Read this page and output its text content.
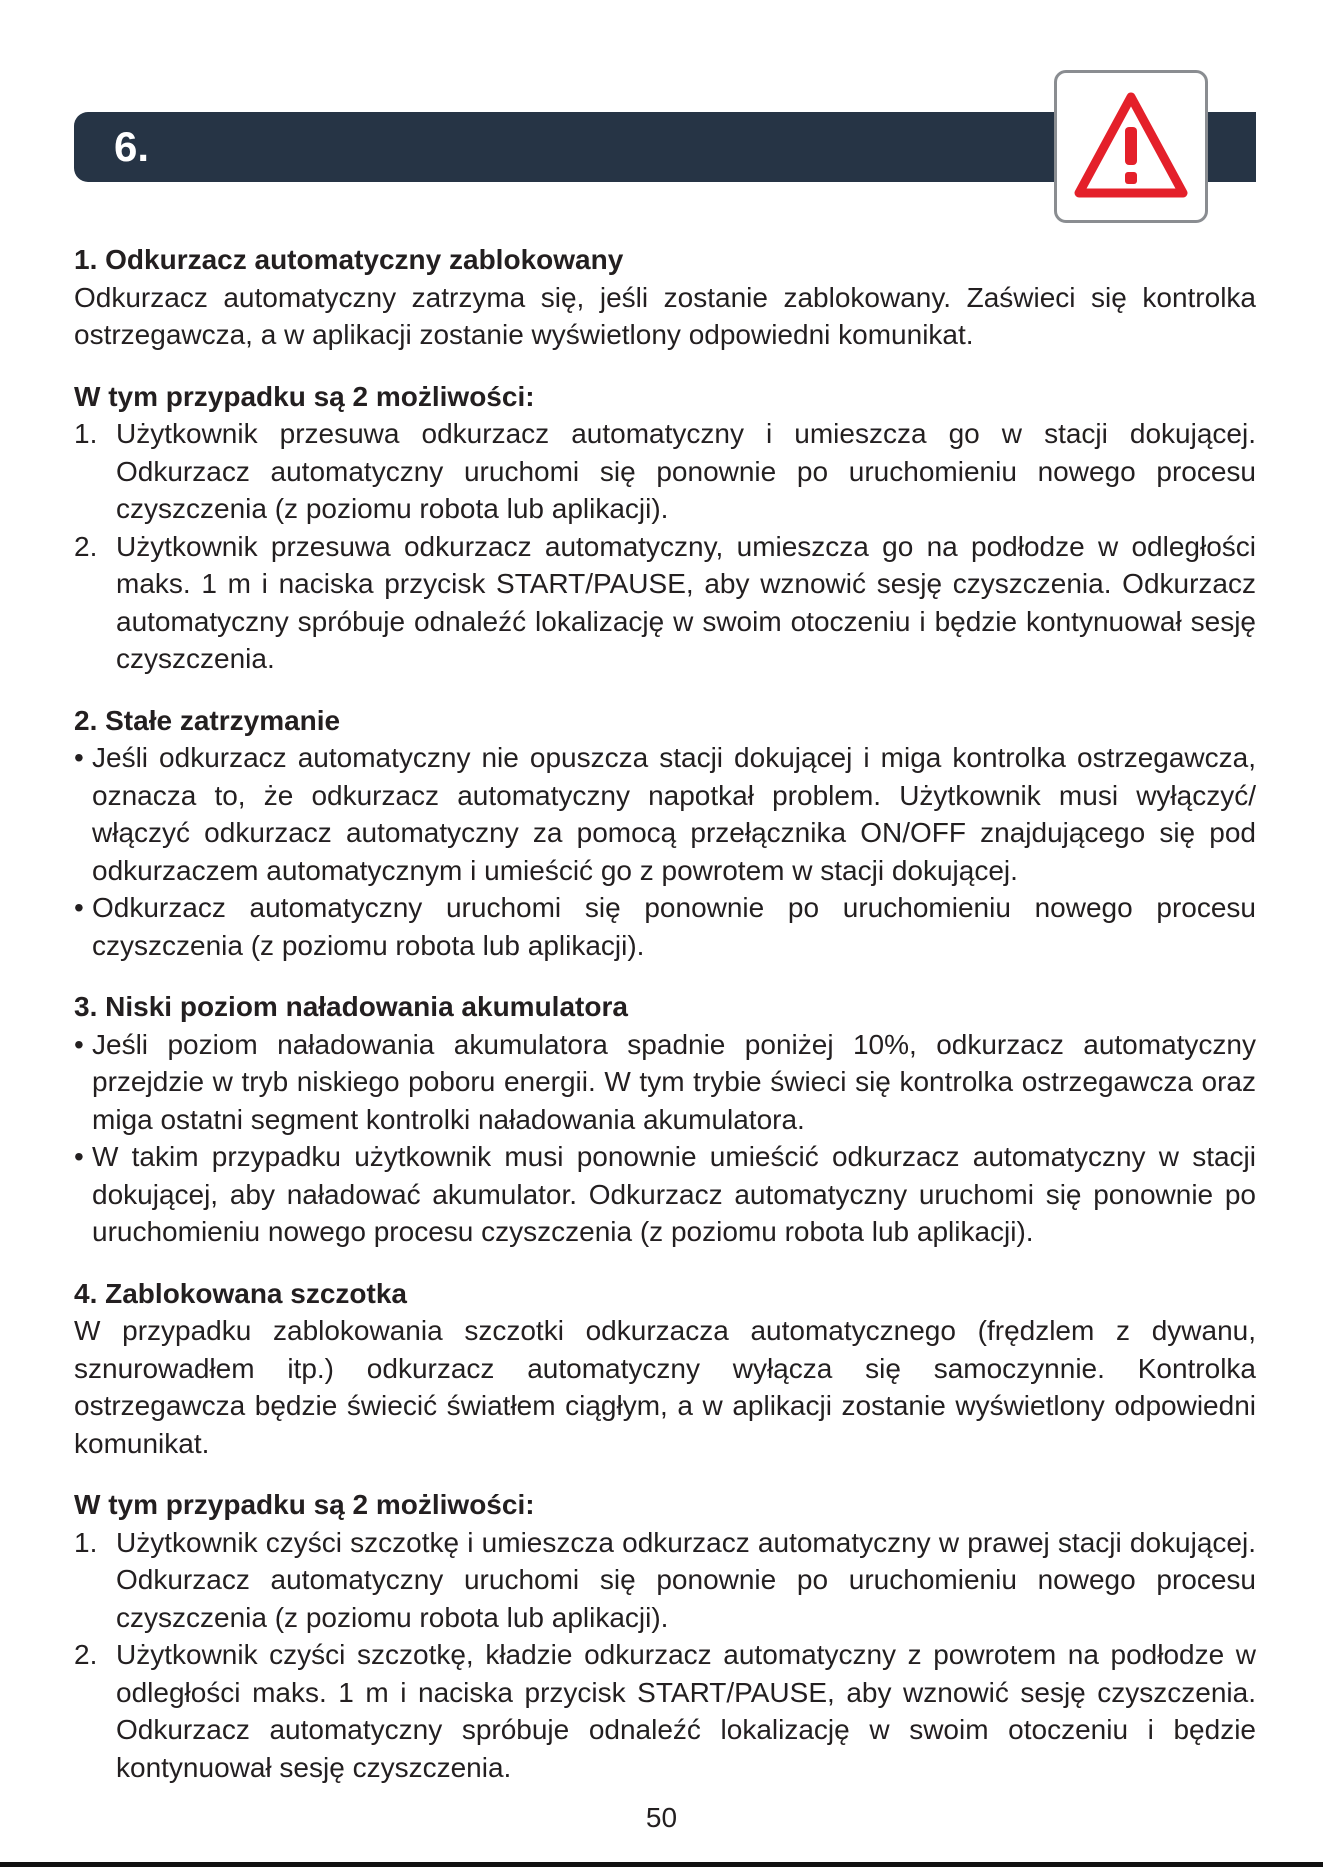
6.
1. Odkurzacz automatyczny zablokowany
Odkurzacz automatyczny zatrzyma się, jeśli zostanie zablokowany. Zaświeci się kontrolka ostrzegawcza, a w aplikacji zostanie wyświetlony odpowiedni komunikat.
W tym przypadku są 2 możliwości:
1. Użytkownik przesuwa odkurzacz automatyczny i umieszcza go w stacji dokującej. Odkurzacz automatyczny uruchomi się ponownie po uruchomieniu nowego procesu czyszczenia (z poziomu robota lub aplikacji).
2. Użytkownik przesuwa odkurzacz automatyczny, umieszcza go na podłodze w odległości maks. 1 m i naciska przycisk START/PAUSE, aby wznowić sesję czyszczenia. Odkurzacz automatyczny spróbuje odnaleźć lokalizację w swoim otoczeniu i będzie kontynuował sesję czyszczenia.
2. Stałe zatrzymanie
• Jeśli odkurzacz automatyczny nie opuszcza stacji dokującej i miga kontrolka ostrzegawcza, oznacza to, że odkurzacz automatyczny napotkał problem. Użytkownik musi wyłączyć/ włączyć odkurzacz automatyczny za pomocą przełącznika ON/OFF znajdującego się pod odkurzaczem automatycznym i umieścić go z powrotem w stacji dokującej.
• Odkurzacz automatyczny uruchomi się ponownie po uruchomieniu nowego procesu czyszczenia (z poziomu robota lub aplikacji).
3. Niski poziom naładowania akumulatora
• Jeśli poziom naładowania akumulatora spadnie poniżej 10%, odkurzacz automatyczny przejdzie w tryb niskiego poboru energii. W tym trybie świeci się kontrolka ostrzegawcza oraz miga ostatni segment kontrolki naładowania akumulatora.
• W takim przypadku użytkownik musi ponownie umieścić odkurzacz automatyczny w stacji dokującej, aby naładować akumulator. Odkurzacz automatyczny uruchomi się ponownie po uruchomieniu nowego procesu czyszczenia (z poziomu robota lub aplikacji).
4. Zablokowana szczotka
W przypadku zablokowania szczotki odkurzacza automatycznego (frędzlem z dywanu, sznurowadłem itp.) odkurzacz automatyczny wyłącza się samoczynnie. Kontrolka ostrzegawcza będzie świecić światłem ciągłym, a w aplikacji zostanie wyświetlony odpowiedni komunikat.
W tym przypadku są 2 możliwości:
1. Użytkownik czyści szczotkę i umieszcza odkurzacz automatyczny w prawej stacji dokującej. Odkurzacz automatyczny uruchomi się ponownie po uruchomieniu nowego procesu czyszczenia (z poziomu robota lub aplikacji).
2. Użytkownik czyści szczotkę, kładzie odkurzacz automatyczny z powrotem na podłodze w odległości maks. 1 m i naciska przycisk START/PAUSE, aby wznowić sesję czyszczenia. Odkurzacz automatyczny spróbuje odnaleźć lokalizację w swoim otoczeniu i będzie kontynuował sesję czyszczenia.
50
